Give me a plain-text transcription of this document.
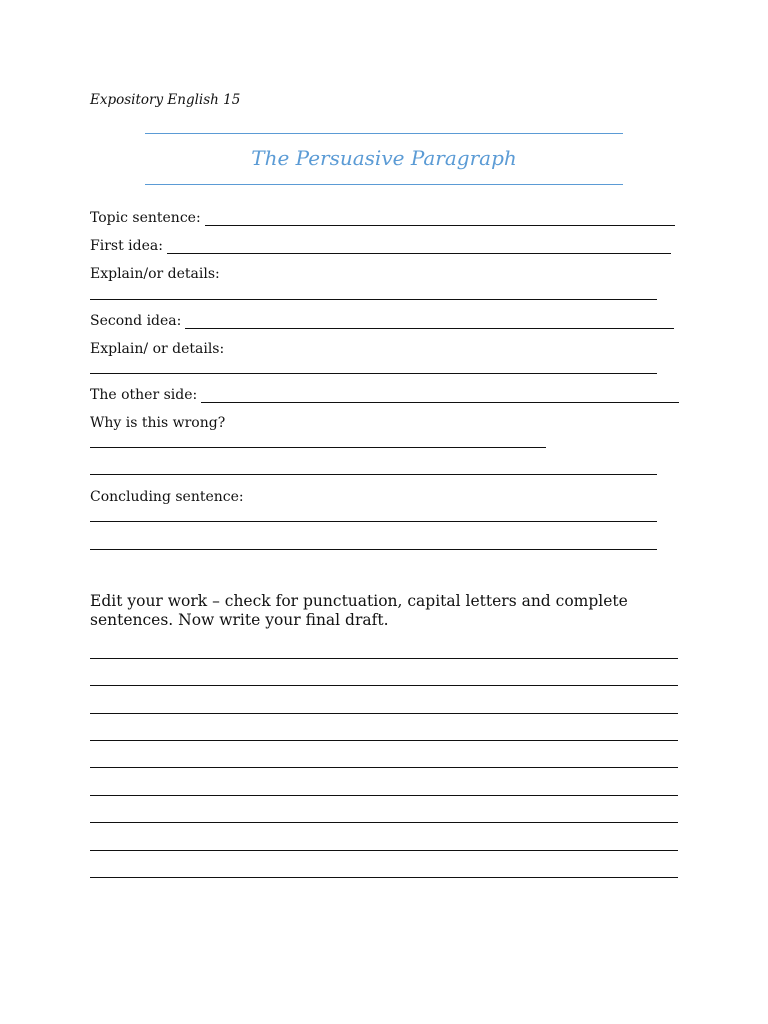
Expository English 15
The Persuasive Paragraph
Topic sentence:
First idea:
Explain/or details:
Second idea:
Explain/ or details:
The other side:
Why is this wrong?
Concluding sentence:
Edit your work – check for punctuation, capital letters and complete sentences. Now write your final draft.
